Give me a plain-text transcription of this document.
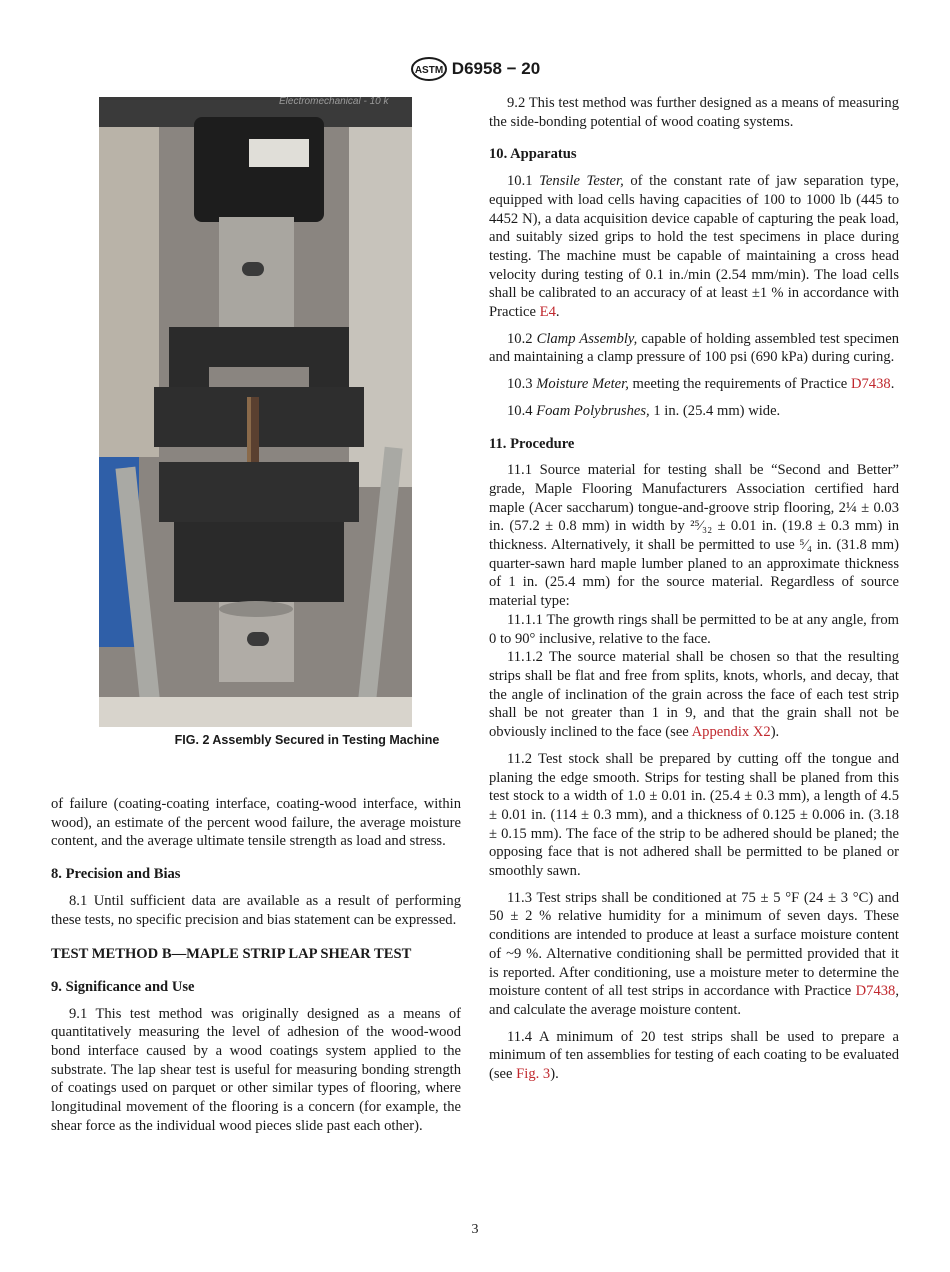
ASTM D6958 − 20
Electromechanical - 10 k
FIG. 2 Assembly Secured in Testing Machine

of failure (coating-coating interface, coating-wood interface, within wood), an estimate of the percent wood failure, the average moisture content, and the average ultimate tensile strength as load and stress.

8. Precision and Bias

8.1 Until sufficient data are available as a result of performing these tests, no specific precision and bias statement can be expressed.

TEST METHOD B—MAPLE STRIP LAP SHEAR TEST
9. Significance and Use

9.1 This test method was originally designed as a means of quantitatively measuring the level of adhesion of the wood-wood bond interface caused by a wood coatings system applied to the substrate. The lap shear test is useful for measuring bonding strength of coatings used on parquet or other similar types of flooring, where longitudinal movement of the flooring is a concern (for example, the shear force as the individual wood pieces slide past each other).

9.2 This test method was further designed as a means of measuring the side-bonding potential of wood coating systems.

10. Apparatus

10.1 Tensile Tester, of the constant rate of jaw separation type, equipped with load cells having capacities of 100 to 1000 lb (445 to 4452 N), a data acquisition device capable of capturing the peak load, and suitably sized grips to hold the test specimens in place during testing. The machine must be capable of maintaining a cross head velocity during testing of 0.1 in./min (2.54 mm/min). The load cells shall be calibrated to an accuracy of at least ±1 % in accordance with Practice E4.

10.2 Clamp Assembly, capable of holding assembled test specimen and maintaining a clamp pressure of 100 psi (690 kPa) during curing.

10.3 Moisture Meter, meeting the requirements of Practice D7438.

10.4 Foam Polybrushes, 1 in. (25.4 mm) wide.

11. Procedure

11.1 Source material for testing shall be “Second and Better” grade, Maple Flooring Manufacturers Association certified hard maple (Acer saccharum) tongue-and-groove strip flooring, 2¼ ± 0.03 in. (57.2 ± 0.8 mm) in width by ²⁵⁄₃₂ ± 0.01 in. (19.8 ± 0.3 mm) in thickness. Alternatively, it shall be permitted to use ⁵⁄₄ in. (31.8 mm) quarter-sawn hard maple lumber planed to an approximate thickness of 1 in. (25.4 mm) for the source material. Regardless of source material type:

11.1.1 The growth rings shall be permitted to be at any angle, from 0 to 90° inclusive, relative to the face.

11.1.2 The source material shall be chosen so that the resulting strips shall be flat and free from splits, knots, whorls, and decay, that the angle of inclination of the grain across the face of each test strip shall be not greater than 1 in 9, and that the grain shall not be obviously inclined to the face (see Appendix X2).

11.2 Test stock shall be prepared by cutting off the tongue and planing the edge smooth. Strips for testing shall be planed from this test stock to a width of 1.0 ± 0.01 in. (25.4 ± 0.3 mm), a length of 4.5 ± 0.01 in. (114 ± 0.3 mm), and a thickness of 0.125 ± 0.006 in. (3.18 ± 0.15 mm). The face of the strip to be adhered should be planed; the opposing face that is not adhered shall be permitted to be planed or smoothly sawn.

11.3 Test strips shall be conditioned at 75 ± 5 °F (24 ± 3 °C) and 50 ± 2 % relative humidity for a minimum of seven days. These conditions are intended to produce at least a surface moisture content of ~9 %. Alternative conditioning shall be permitted provided that it is reported. After conditioning, use a moisture meter to determine the moisture content of all test strips in accordance with Practice D7438, and calculate the average moisture content.

11.4 A minimum of 20 test strips shall be used to prepare a minimum of ten assemblies for testing of each coating to be evaluated (see Fig. 3).

3
